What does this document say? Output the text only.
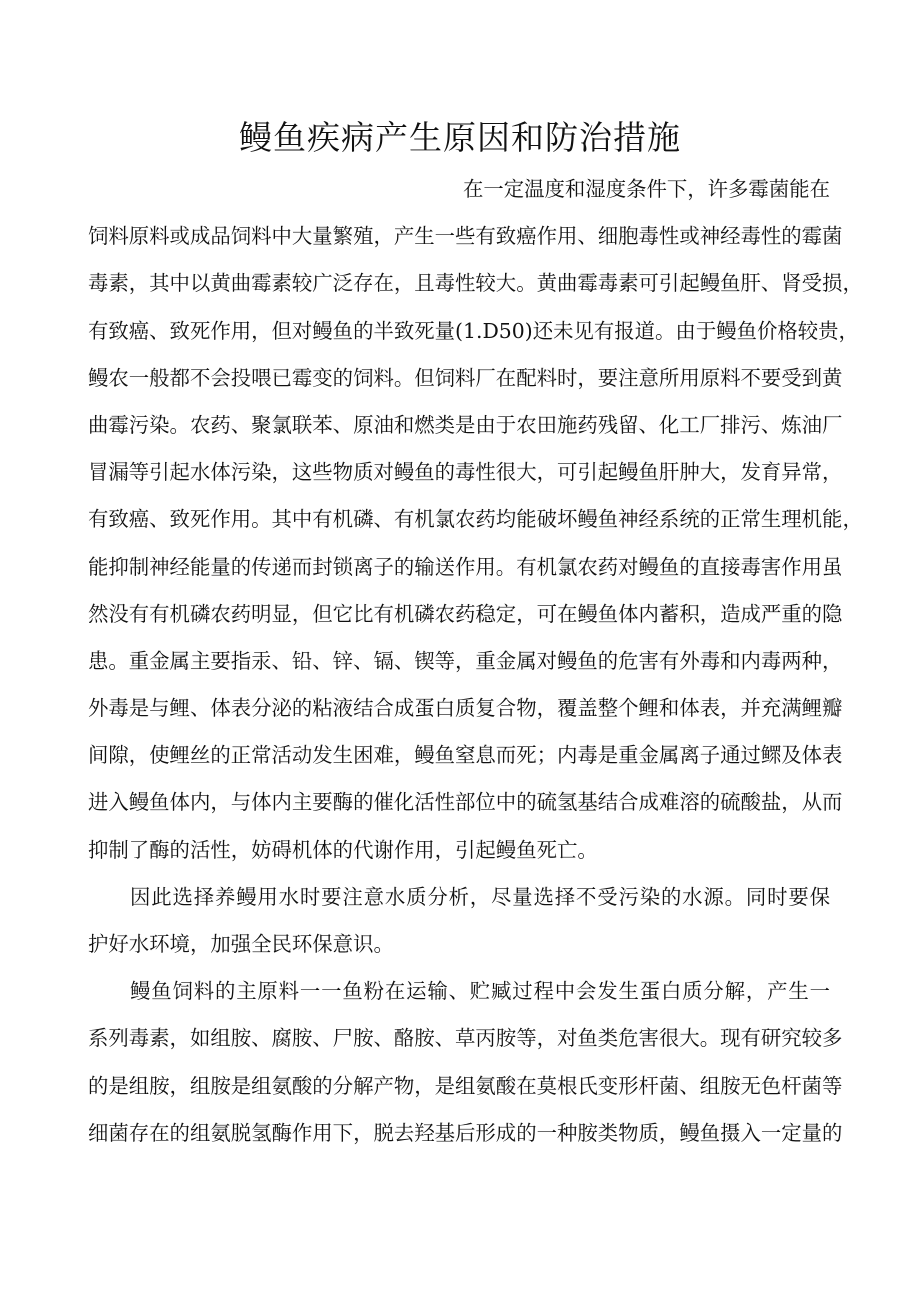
鳗鱼疾病产生原因和防治措施
在一定温度和湿度条件下，许多霉菌能在
饲料原料或成品饲料中大量繁殖，产生一些有致癌作用、细胞毒性或神经毒性的霉菌
毒素，其中以黄曲霉素较广泛存在，且毒性较大。黄曲霉毒素可引起鳗鱼肝、肾受损，
有致癌、致死作用，但对鳗鱼的半致死量(1.D50)还未见有报道。由于鳗鱼价格较贵，
鳗农一般都不会投喂已霉变的饲料。但饲料厂在配料时，要注意所用原料不要受到黄
曲霉污染。农药、聚氯联苯、原油和燃类是由于农田施药残留、化工厂排污、炼油厂
冒漏等引起水体污染，这些物质对鳗鱼的毒性很大，可引起鳗鱼肝肿大，发育异常，
有致癌、致死作用。其中有机磷、有机氯农药均能破坏鳗鱼神经系统的正常生理机能，
能抑制神经能量的传递而封锁离子的输送作用。有机氯农药对鳗鱼的直接毒害作用虽
然没有有机磷农药明显，但它比有机磷农药稳定，可在鳗鱼体内蓄积，造成严重的隐
患。重金属主要指汞、铅、锌、镉、锲等，重金属对鳗鱼的危害有外毒和内毒两种，
外毒是与鲤、体表分泌的粘液结合成蛋白质复合物，覆盖整个鲤和体表，并充满鲤瓣
间隙，使鲤丝的正常活动发生困难，鳗鱼窒息而死；内毒是重金属离子通过鳏及体表
进入鳗鱼体内，与体内主要酶的催化活性部位中的硫氢基结合成难溶的硫酸盐，从而
抑制了酶的活性，妨碍机体的代谢作用，引起鳗鱼死亡。
因此选择养鳗用水时要注意水质分析，尽量选择不受污染的水源。同时要保
护好水环境，加强全民环保意识。
鳗鱼饲料的主原料一一鱼粉在运输、贮臧过程中会发生蛋白质分解，产生一
系列毒素，如组胺、腐胺、尸胺、酪胺、草丙胺等，对鱼类危害很大。现有研究较多
的是组胺，组胺是组氨酸的分解产物，是组氨酸在莫根氏变形杆菌、组胺无色杆菌等
细菌存在的组氨脱氢酶作用下，脱去羟基后形成的一种胺类物质，鳗鱼摄入一定量的
